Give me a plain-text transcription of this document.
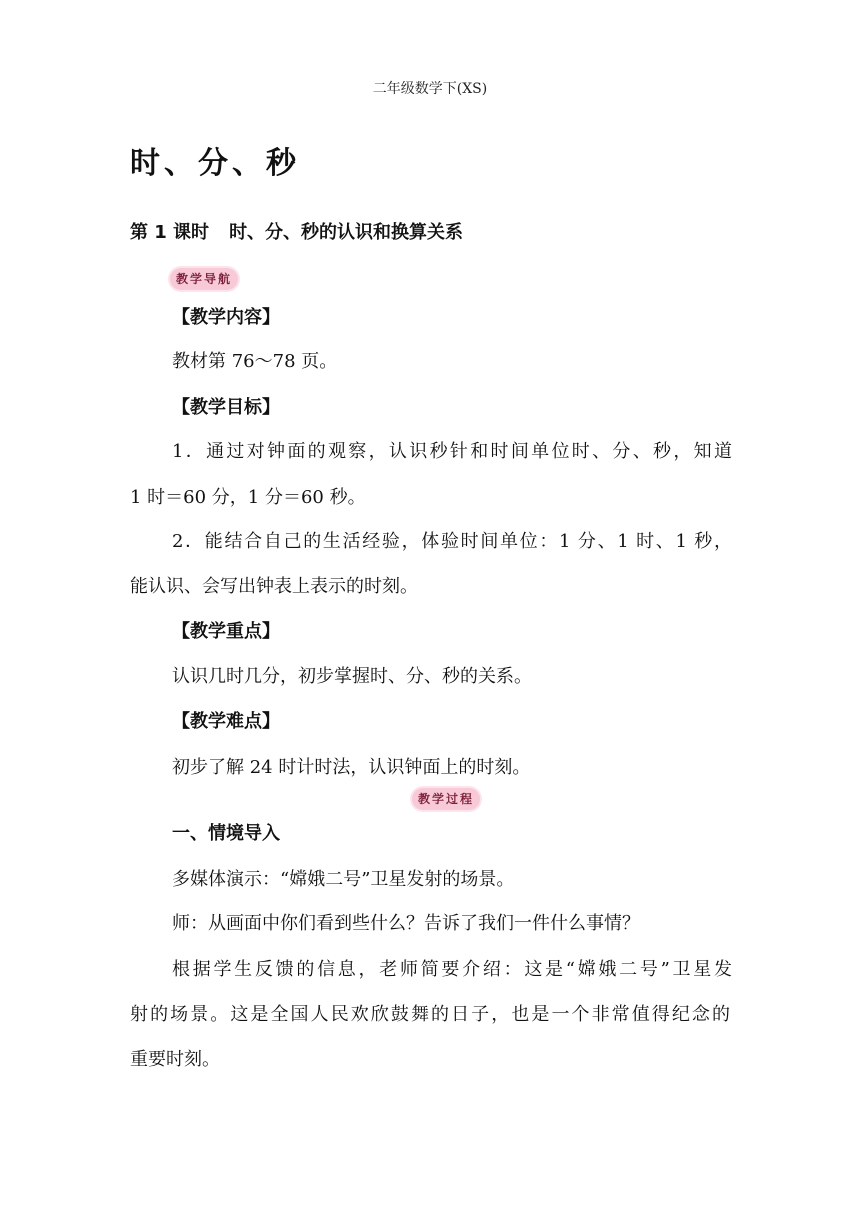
二年级数学下(XS)
时、分、秒
第 1 课时 时、分、秒的认识和换算关系
教学导航
【教学内容】
教材第 76～78 页。
【教学目标】
1．通过对钟面的观察，认识秒针和时间单位时、分、秒，知道
1 时＝60 分，1 分＝60 秒。
2．能结合自己的生活经验，体验时间单位：1 分、1 时、1 秒，
能认识、会写出钟表上表示的时刻。
【教学重点】
认识几时几分，初步掌握时、分、秒的关系。
【教学难点】
初步了解 24 时计时法，认识钟面上的时刻。
教学过程
一、情境导入
多媒体演示：“嫦娥二号”卫星发射的场景。
师：从画面中你们看到些什么？告诉了我们一件什么事情？
根据学生反馈的信息，老师简要介绍：这是“嫦娥二号”卫星发
射的场景。这是全国人民欢欣鼓舞的日子，也是一个非常值得纪念的
重要时刻。
